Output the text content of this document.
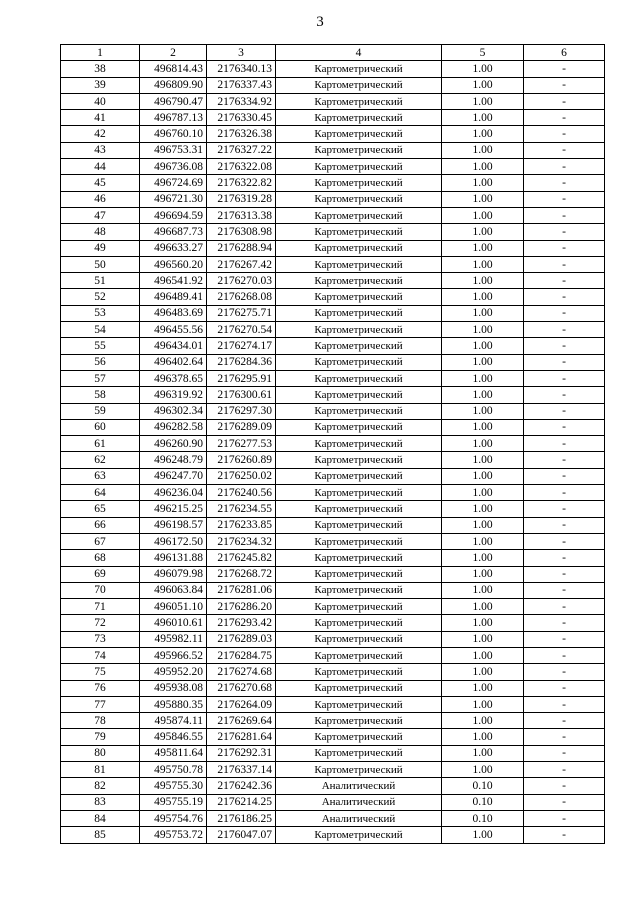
3
1	2	3	4	5	6
38	496814.43	2176340.13	Картометрический	1.00	-
39	496809.90	2176337.43	Картометрический	1.00	-
40	496790.47	2176334.92	Картометрический	1.00	-
41	496787.13	2176330.45	Картометрический	1.00	-
42	496760.10	2176326.38	Картометрический	1.00	-
43	496753.31	2176327.22	Картометрический	1.00	-
44	496736.08	2176322.08	Картометрический	1.00	-
45	496724.69	2176322.82	Картометрический	1.00	-
46	496721.30	2176319.28	Картометрический	1.00	-
47	496694.59	2176313.38	Картометрический	1.00	-
48	496687.73	2176308.98	Картометрический	1.00	-
49	496633.27	2176288.94	Картометрический	1.00	-
50	496560.20	2176267.42	Картометрический	1.00	-
51	496541.92	2176270.03	Картометрический	1.00	-
52	496489.41	2176268.08	Картометрический	1.00	-
53	496483.69	2176275.71	Картометрический	1.00	-
54	496455.56	2176270.54	Картометрический	1.00	-
55	496434.01	2176274.17	Картометрический	1.00	-
56	496402.64	2176284.36	Картометрический	1.00	-
57	496378.65	2176295.91	Картометрический	1.00	-
58	496319.92	2176300.61	Картометрический	1.00	-
59	496302.34	2176297.30	Картометрический	1.00	-
60	496282.58	2176289.09	Картометрический	1.00	-
61	496260.90	2176277.53	Картометрический	1.00	-
62	496248.79	2176260.89	Картометрический	1.00	-
63	496247.70	2176250.02	Картометрический	1.00	-
64	496236.04	2176240.56	Картометрический	1.00	-
65	496215.25	2176234.55	Картометрический	1.00	-
66	496198.57	2176233.85	Картометрический	1.00	-
67	496172.50	2176234.32	Картометрический	1.00	-
68	496131.88	2176245.82	Картометрический	1.00	-
69	496079.98	2176268.72	Картометрический	1.00	-
70	496063.84	2176281.06	Картометрический	1.00	-
71	496051.10	2176286.20	Картометрический	1.00	-
72	496010.61	2176293.42	Картометрический	1.00	-
73	495982.11	2176289.03	Картометрический	1.00	-
74	495966.52	2176284.75	Картометрический	1.00	-
75	495952.20	2176274.68	Картометрический	1.00	-
76	495938.08	2176270.68	Картометрический	1.00	-
77	495880.35	2176264.09	Картометрический	1.00	-
78	495874.11	2176269.64	Картометрический	1.00	-
79	495846.55	2176281.64	Картометрический	1.00	-
80	495811.64	2176292.31	Картометрический	1.00	-
81	495750.78	2176337.14	Картометрический	1.00	-
82	495755.30	2176242.36	Аналитический	0.10	-
83	495755.19	2176214.25	Аналитический	0.10	-
84	495754.76	2176186.25	Аналитический	0.10	-
85	495753.72	2176047.07	Картометрический	1.00	-
